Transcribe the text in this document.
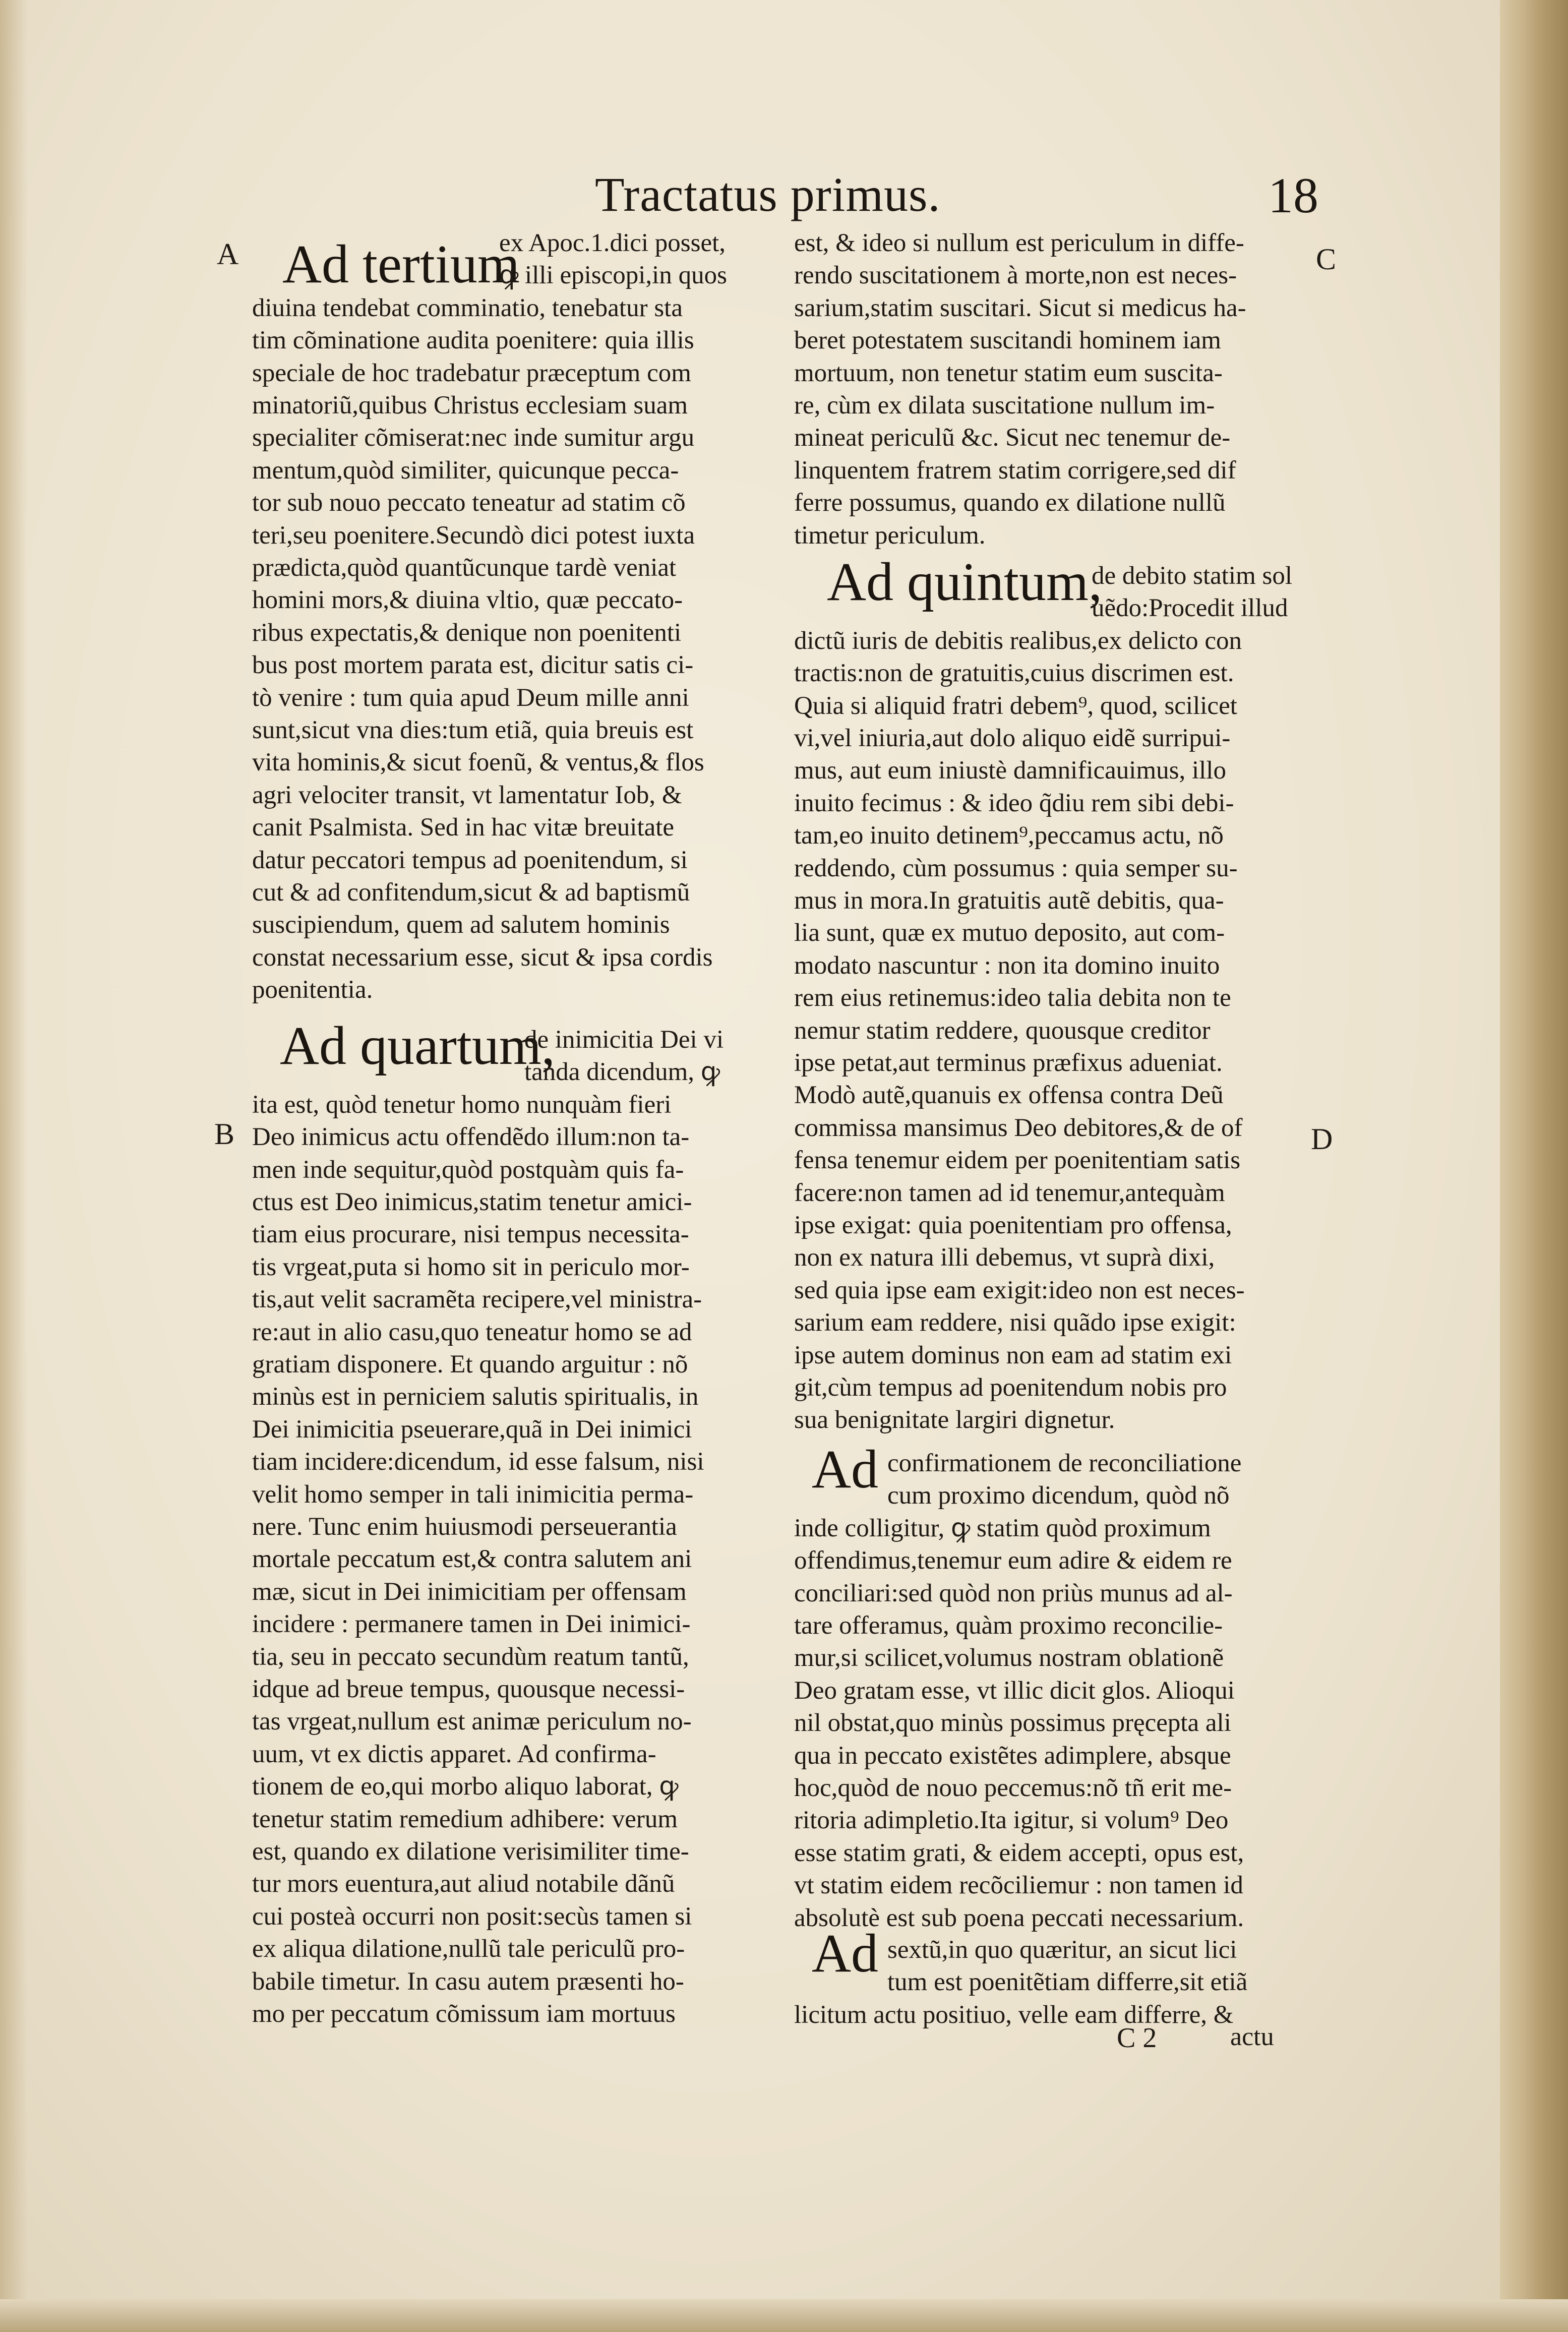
Tractatus primus.	18
A
B
C
D
Ad tertium
ex Apoc.1.dici posset,
ꝙ illi episcopi,in quos
diuina tendebat comminatio, tenebatur sta
tim cõminatione audita poenitere: quia illis
speciale de hoc tradebatur præceptum com
minatoriũ,quibus Christus ecclesiam suam
specialiter cõmiserat:nec inde sumitur argu
mentum,quòd similiter, quicunque pecca-
tor sub nouo peccato teneatur ad statim cõ
teri,seu poenitere.Secundò dici potest iuxta
prædicta,quòd quantũcunque tardè veniat
homini mors,& diuina vltio, quæ peccato-
ribus expectatis,& denique non poenitenti
bus post mortem parata est, dicitur satis ci-
tò venire : tum quia apud Deum mille anni
sunt,sicut vna dies:tum etiã, quia breuis est
vita hominis,& sicut foenũ, & ventus,& flos
agri velociter transit, vt lamentatur Iob, &
canit Psalmista. Sed in hac vitæ breuitate
datur peccatori tempus ad poenitendum, si
cut & ad confitendum,sicut & ad baptismũ
suscipiendum, quem ad salutem hominis
constat necessarium esse, sicut & ipsa cordis
poenitentia.
Ad quartum,
de inimicitia Dei vi
tanda dicendum, ꝙ
ita est, quòd tenetur homo nunquàm fieri
Deo inimicus actu offendẽdo illum:non ta-
men inde sequitur,quòd postquàm quis fa-
ctus est Deo inimicus,statim tenetur amici-
tiam eius procurare, nisi tempus necessita-
tis vrgeat,puta si homo sit in periculo mor-
tis,aut velit sacramẽta recipere,vel ministra-
re:aut in alio casu,quo teneatur homo se ad
gratiam disponere. Et quando arguitur : nõ
minùs est in perniciem salutis spiritualis, in
Dei inimicitia pseuerare,quã in Dei inimici
tiam incidere:dicendum, id esse falsum, nisi
velit homo semper in tali inimicitia perma-
nere. Tunc enim huiusmodi perseuerantia
mortale peccatum est,& contra salutem ani
mæ, sicut in Dei inimicitiam per offensam
incidere : permanere tamen in Dei inimici-
tia, seu in peccato secundùm reatum tantũ,
idque ad breue tempus, quousque necessi-
tas vrgeat,nullum est animæ periculum no-
uum, vt ex dictis apparet. Ad confirma-
tionem de eo,qui morbo aliquo laborat, ꝙ
tenetur statim remedium adhibere: verum
est, quando ex dilatione verisimiliter time-
tur mors euentura,aut aliud notabile dãnũ
cui posteà occurri non posit:secùs tamen si
ex aliqua dilatione,nullũ tale periculũ pro-
babile timetur. In casu autem præsenti ho-
mo per peccatum cõmissum iam mortuus
est, & ideo si nullum est periculum in diffe-
rendo suscitationem à morte,non est neces-
sarium,statim suscitari. Sicut si medicus ha-
beret potestatem suscitandi hominem iam
mortuum, non tenetur statim eum suscita-
re, cùm ex dilata suscitatione nullum im-
mineat periculũ &c. Sicut nec tenemur de-
linquentem fratrem statim corrigere,sed dif
ferre possumus, quando ex dilatione nullũ
timetur periculum.
Ad quintum,
de debito statim sol
uẽdo:Procedit illud
dictũ iuris de debitis realibus,ex delicto con
tractis:non de gratuitis,cuius discrimen est.
Quia si aliquid fratri debem⁹, quod, scilicet
vi,vel iniuria,aut dolo aliquo eidẽ surripui-
mus, aut eum iniustè damnificauimus, illo
inuito fecimus : & ideo q̃diu rem sibi debi-
tam,eo inuito detinem⁹,peccamus actu, nõ
reddendo, cùm possumus : quia semper su-
mus in mora.In gratuitis autẽ debitis, qua-
lia sunt, quæ ex mutuo deposito, aut com-
modato nascuntur : non ita domino inuito
rem eius retinemus:ideo talia debita non te
nemur statim reddere, quousque creditor
ipse petat,aut terminus præfixus adueniat.
Modò autẽ,quanuis ex offensa contra Deũ
commissa mansimus Deo debitores,& de of
fensa tenemur eidem per poenitentiam satis
facere:non tamen ad id tenemur,antequàm
ipse exigat: quia poenitentiam pro offensa,
non ex natura illi debemus, vt suprà dixi,
sed quia ipse eam exigit:ideo non est neces-
sarium eam reddere, nisi quãdo ipse exigit:
ipse autem dominus non eam ad statim exi
git,cùm tempus ad poenitendum nobis pro
sua benignitate largiri dignetur.
Ad confirmationem de reconciliatione
cum proximo dicendum, quòd nõ
inde colligitur, ꝙ statim quòd proximum
offendimus,tenemur eum adire & eidem re
conciliari:sed quòd non priùs munus ad al-
tare offeramus, quàm proximo reconcilie-
mur,si scilicet,volumus nostram oblationẽ
Deo gratam esse, vt illic dicit glos. Alioqui
nil obstat,quo minùs possimus pręcepta ali
qua in peccato existẽtes adimplere, absque
hoc,quòd de nouo peccemus:nõ tñ erit me-
ritoria adimpletio.Ita igitur, si volum⁹ Deo
esse statim grati, & eidem accepti, opus est,
vt statim eidem recõciliemur : non tamen id
absolutè est sub poena peccati necessarium.
Ad sextũ,in quo quæritur, an sicut lici
tum est poenitẽtiam differre,sit etiã
licitum actu positiuo, velle eam differre, &
C 2	actu
